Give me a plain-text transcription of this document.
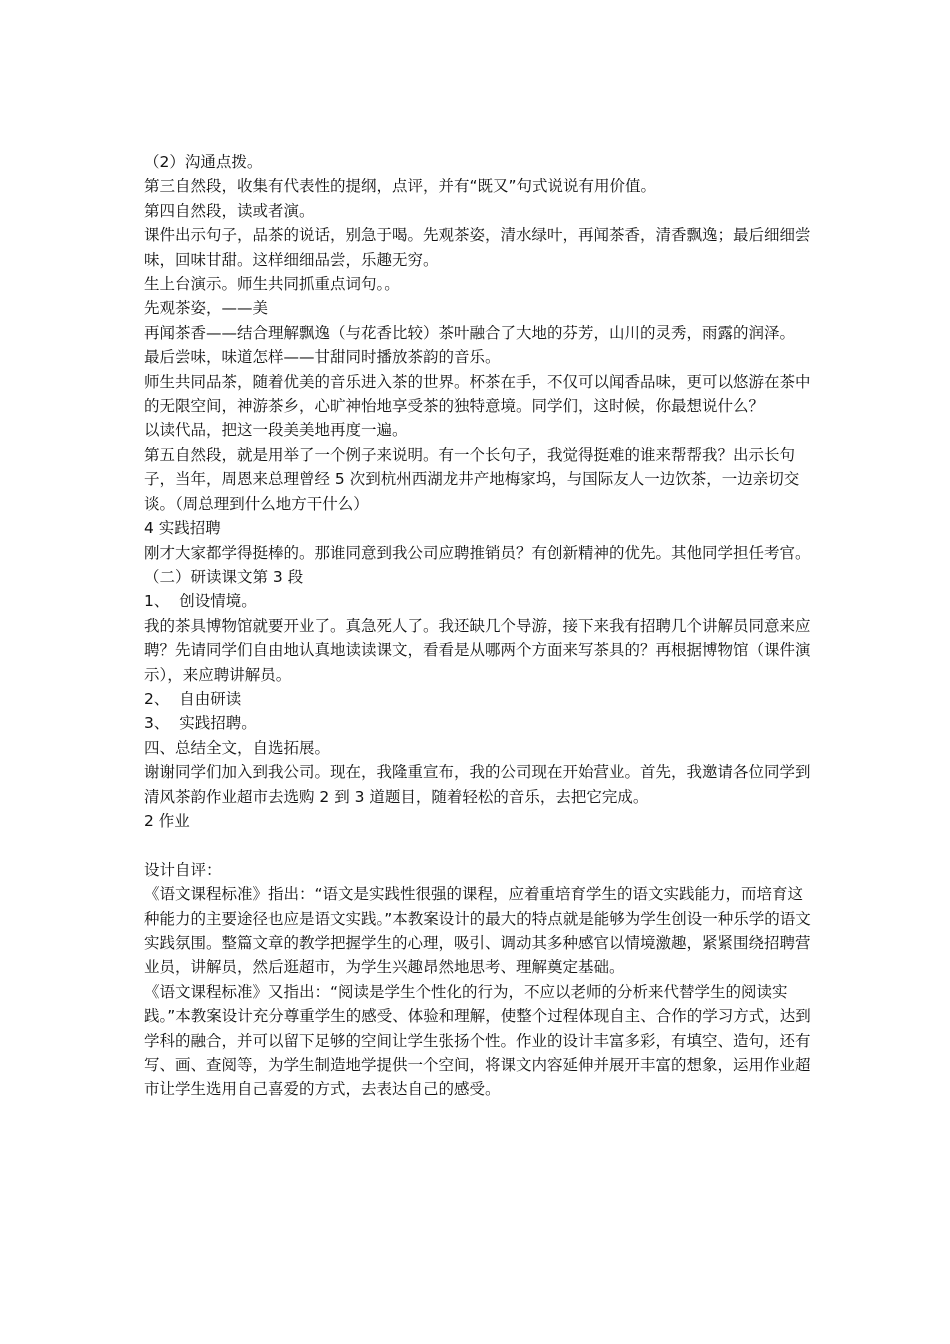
（2）沟通点拨。

第三自然段，收集有代表性的提纲，点评，并有“既又”句式说说有用价值。

第四自然段，读或者演。

课件出示句子，品茶的说话，别急于喝。先观茶姿，清水绿叶，再闻茶香，清香飘逸；最后细细尝味，回味甘甜。这样细细品尝，乐趣无穷。

生上台演示。师生共同抓重点词句。。

先观茶姿，——美

再闻茶香——结合理解飘逸（与花香比较）茶叶融合了大地的芬芳，山川的灵秀，雨露的润泽。

最后尝味，味道怎样——甘甜同时播放茶韵的音乐。

师生共同品茶，随着优美的音乐进入茶的世界。杯茶在手，不仅可以闻香品味，更可以悠游在茶中的无限空间，神游茶乡，心旷神怡地享受茶的独特意境。同学们，这时候，你最想说什么？

以读代品，把这一段美美地再度一遍。

第五自然段，就是用举了一个例子来说明。有一个长句子，我觉得挺难的谁来帮帮我？出示长句子，当年，周恩来总理曾经 5 次到杭州西湖龙井产地梅家坞，与国际友人一边饮茶，一边亲切交谈。（周总理到什么地方干什么）

4 实践招聘

刚才大家都学得挺棒的。那谁同意到我公司应聘推销员？有创新精神的优先。其他同学担任考官。

（二）研读课文第 3 段

1、  创设情境。

我的茶具博物馆就要开业了。真急死人了。我还缺几个导游，接下来我有招聘几个讲解员同意来应聘？先请同学们自由地认真地读读课文，看看是从哪两个方面来写茶具的？再根据博物馆（课件演示），来应聘讲解员。

2、  自由研读

3、  实践招聘。

四、总结全文，自选拓展。

谢谢同学们加入到我公司。现在，我隆重宣布，我的公司现在开始营业。首先，我邀请各位同学到清风茶韵作业超市去选购 2 到 3 道题目，随着轻松的音乐，去把它完成。

2 作业

设计自评：

《语文课程标准》指出：“语文是实践性很强的课程，应着重培育学生的语文实践能力，而培育这种能力的主要途径也应是语文实践。”本教案设计的最大的特点就是能够为学生创设一种乐学的语文实践氛围。整篇文章的教学把握学生的心理，吸引、调动其多种感官以情境激趣，紧紧围绕招聘营业员，讲解员，然后逛超市，为学生兴趣昂然地思考、理解奠定基础。

《语文课程标准》又指出：“阅读是学生个性化的行为，不应以老师的分析来代替学生的阅读实践。”本教案设计充分尊重学生的感受、体验和理解，使整个过程体现自主、合作的学习方式，达到学科的融合，并可以留下足够的空间让学生张扬个性。作业的设计丰富多彩，有填空、造句，还有写、画、查阅等，为学生制造地学提供一个空间，将课文内容延伸并展开丰富的想象，运用作业超市让学生选用自己喜爱的方式，去表达自己的感受。
